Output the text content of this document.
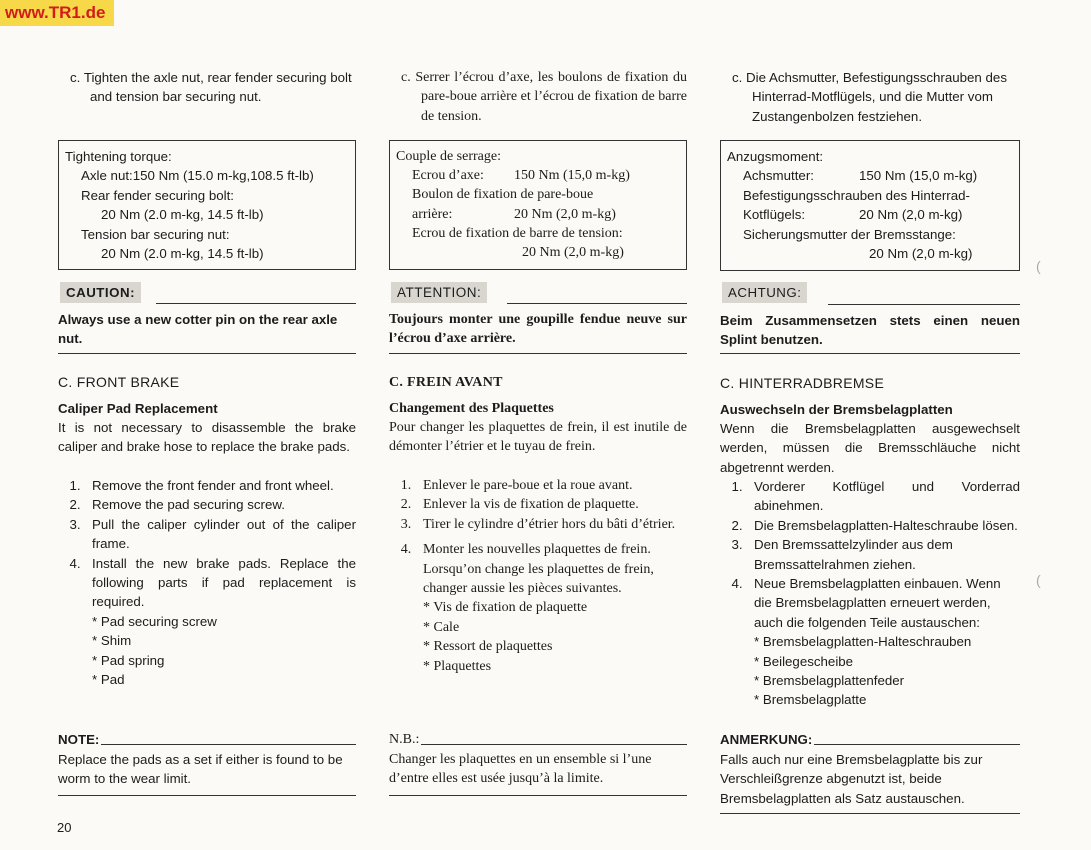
www.TR1.de
c. Tighten the axle nut, rear fender securing bolt and tension bar securing nut.
Tightening torque:
Axle nut:150 Nm (15.0 m-kg,108.5 ft-lb)
Rear fender securing bolt:
20 Nm (2.0 m-kg, 14.5 ft-lb)
Tension bar securing nut:
20 Nm (2.0 m-kg, 14.5 ft-lb)
CAUTION:
Always use a new cotter pin on the rear axle nut.
C. FRONT BRAKE
Caliper Pad Replacement
It is not necessary to disassemble the brake caliper and brake hose to replace the brake pads.
1. Remove the front fender and front wheel.
2. Remove the pad securing screw.
3. Pull the caliper cylinder out of the caliper frame.
4. Install the new brake pads. Replace the following parts if pad replacement is required.
* Pad securing screw
* Shim
* Pad spring
* Pad
NOTE:
Replace the pads as a set if either is found to be worm to the wear limit.
c. Serrer l’écrou d’axe, les boulons de fixation du pare-boue arrière et l’écrou de fixation de barre de tension.
Couple de serrage:
Ecrou d’axe:	150 Nm (15,0 m-kg)
Boulon de fixation de pare-boue
arrière:	20 Nm (2,0 m-kg)
Ecrou de fixation de barre de tension:
20 Nm (2,0 m-kg)
ATTENTION:
Toujours monter une goupille fendue neuve sur l’écrou d’axe arrière.
C. FREIN AVANT
Changement des Plaquettes
Pour changer les plaquettes de frein, il est inutile de démonter l’étrier et le tuyau de frein.
1. Enlever le pare-boue et la roue avant.
2. Enlever la vis de fixation de plaquette.
3. Tirer le cylindre d’étrier hors du bâti d’étrier.
4. Monter les nouvelles plaquettes de frein. Lorsqu’on change les plaquettes de frein, changer aussie les pièces suivantes.
* Vis de fixation de plaquette
* Cale
* Ressort de plaquettes
* Plaquettes
N.B.:
Changer les plaquettes en un ensemble si l’une d’entre elles est usée jusqu’à la limite.
c. Die Achsmutter, Befestigungsschrauben des Hinterrad-Motflügels, und die Mutter vom Zustangenbolzen festziehen.
Anzugsmoment:
Achsmutter:	150 Nm (15,0 m-kg)
Befestigungsschrauben des Hinterrad-
Kotflügels:	20 Nm (2,0 m-kg)
Sicherungsmutter der Bremsstange:
20 Nm (2,0 m-kg)
ACHTUNG:
Beim Zusammensetzen stets einen neuen Splint benutzen.
C. HINTERRADBREMSE
Auswechseln der Bremsbelagplatten
Wenn die Bremsbelagplatten ausgewechselt werden, müssen die Bremsschläuche nicht abgetrennt werden.
1. Vorderer Kotflügel und Vorderrad abinehmen.
2. Die Bremsbelagplatten-Halteschraube lösen.
3. Den Bremssattelzylinder aus dem Bremssattelrahmen ziehen.
4. Neue Bremsbelagplatten einbauen. Wenn die Bremsbelagplatten erneuert werden, auch die folgenden Teile austauschen:
* Bremsbelagplatten-Halteschrauben
* Beilegescheibe
* Bremsbelagplattenfeder
* Bremsbelagplatte
ANMERKUNG:
Falls auch nur eine Bremsbelagplatte bis zur Verschleißgrenze abgenutzt ist, beide Bremsbelagplatten als Satz austauschen.
20
(
(
